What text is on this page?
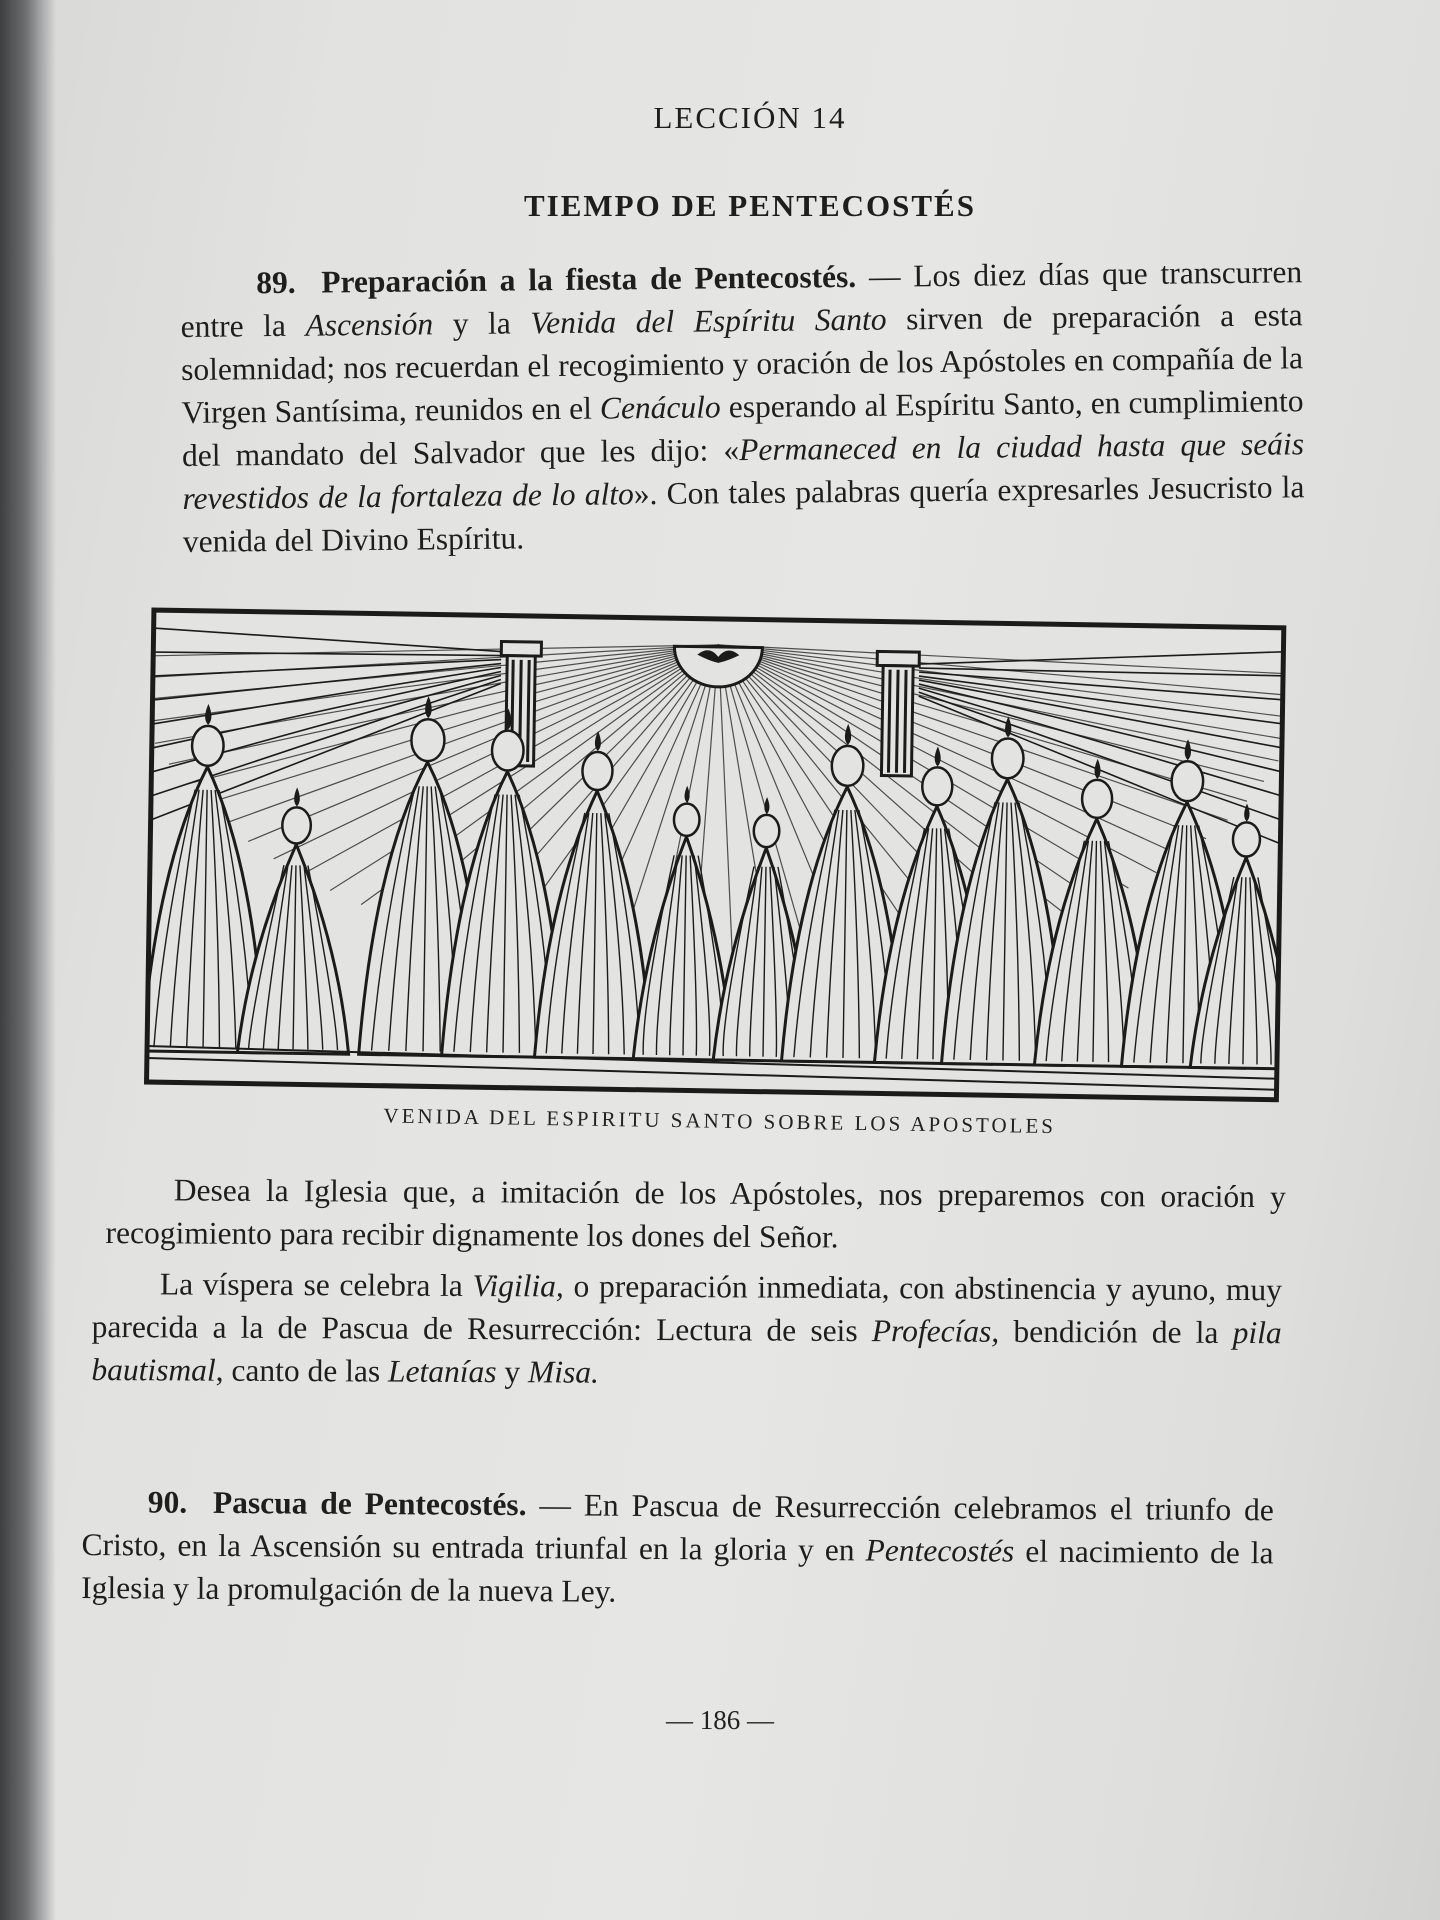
LECCIÓN 14
TIEMPO DE PENTECOSTÉS

89. Preparación a la fiesta de Pentecostés. — Los diez días que transcurren entre la Ascensión y la Venida del Espíritu Santo sirven de preparación a esta solemnidad; nos recuerdan el recogimiento y oración de los Apóstoles en compañía de la Virgen Santísima, reunidos en el Cenáculo esperando al Espíritu Santo, en cumplimiento del mandato del Salvador que les dijo: «Permaneced en la ciudad hasta que seáis revestidos de la fortaleza de lo alto». Con tales palabras quería expresarles Jesucristo la venida del Divino Espíritu.

VENIDA DEL ESPIRITU SANTO SOBRE LOS APOSTOLES

Desea la Iglesia que, a imitación de los Apóstoles, nos preparemos con oración y recogimiento para recibir dignamente los dones del Señor.

La víspera se celebra la Vigilia, o preparación inmediata, con abstinencia y ayuno, muy parecida a la de Pascua de Resurrección: Lectura de seis Profecías, bendición de la pila bautismal, canto de las Letanías y Misa.

90. Pascua de Pentecostés. — En Pascua de Resurrección celebramos el triunfo de Cristo, en la Ascensión su entrada triunfal en la gloria y en Pentecostés el nacimiento de la Iglesia y la promulgación de la nueva Ley.

— 186 —
